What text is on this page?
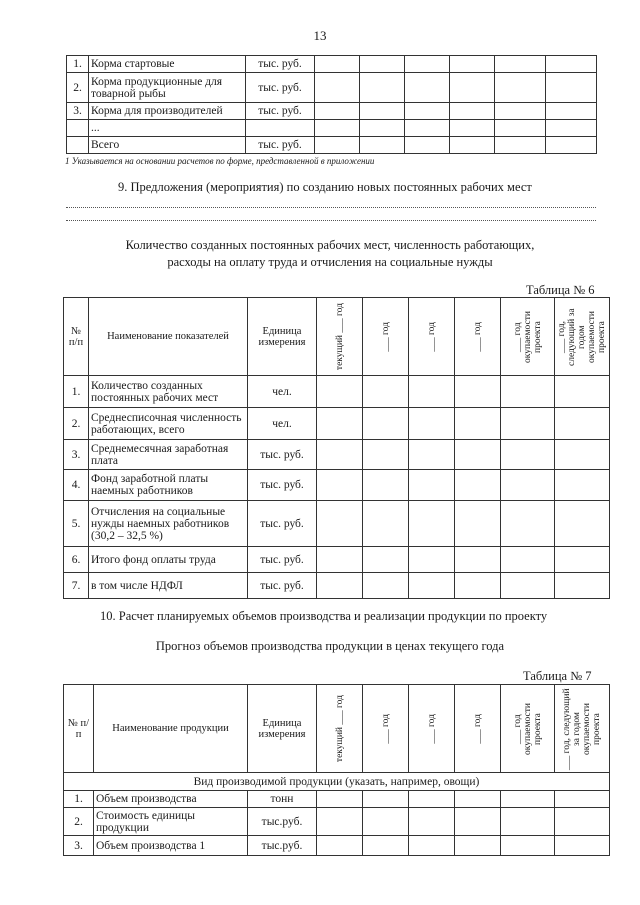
13
1.	Корма стартовые	тыс. руб.						
2.	Корма продукционные для товарной рыбы	тыс. руб.						
3.	Корма для производителей	тыс. руб.						
	...							
	Всего	тыс. руб.						
1 Указывается на основании расчетов по форме, представленной в приложении
9. Предложения (мероприятия) по созданию новых постоянных рабочих мест
Количество созданных постоянных рабочих мест, численность работающих,
расходы на оплату труда и отчисления на социальные нужды
Таблица № 6
№ п/п	Наименование показателей	Единица измерения	текущий ___ год	___ год	___ год	___ год	___ год окупаемости проекта	___ год, следующий за годом окупаемости проекта

1.	Количество созданных постоянных рабочих мест	чел.						
2.	Среднесписочная численность работающих, всего	чел.						
3.	Среднемесячная заработная плата	тыс. руб.						
4.	Фонд заработной платы наемных работников	тыс. руб.						
5.	Отчисления на социальные нужды наемных работников (30,2 – 32,5 %)	тыс. руб.						
6.	Итого фонд оплаты труда	тыс. руб.						
7.	в том числе НДФЛ	тыс. руб.						
10. Расчет планируемых объемов производства и реализации продукции по проекту
Прогноз объемов производства продукции в ценах текущего года
Таблица № 7
№ п/п	Наименование продукции	Единица измерения	текущий ___ год	___ год	___ год	___ год	___ год окупаемости проекта	___ год, следующий за годом окупаемости проекта

Вид производимой продукции (указать, например, овощи)								
1.	Объем производства	тонн						
2.	Стоимость единицы продукции	тыс.руб.						
3.	Объем производства 1	тыс.руб.						
